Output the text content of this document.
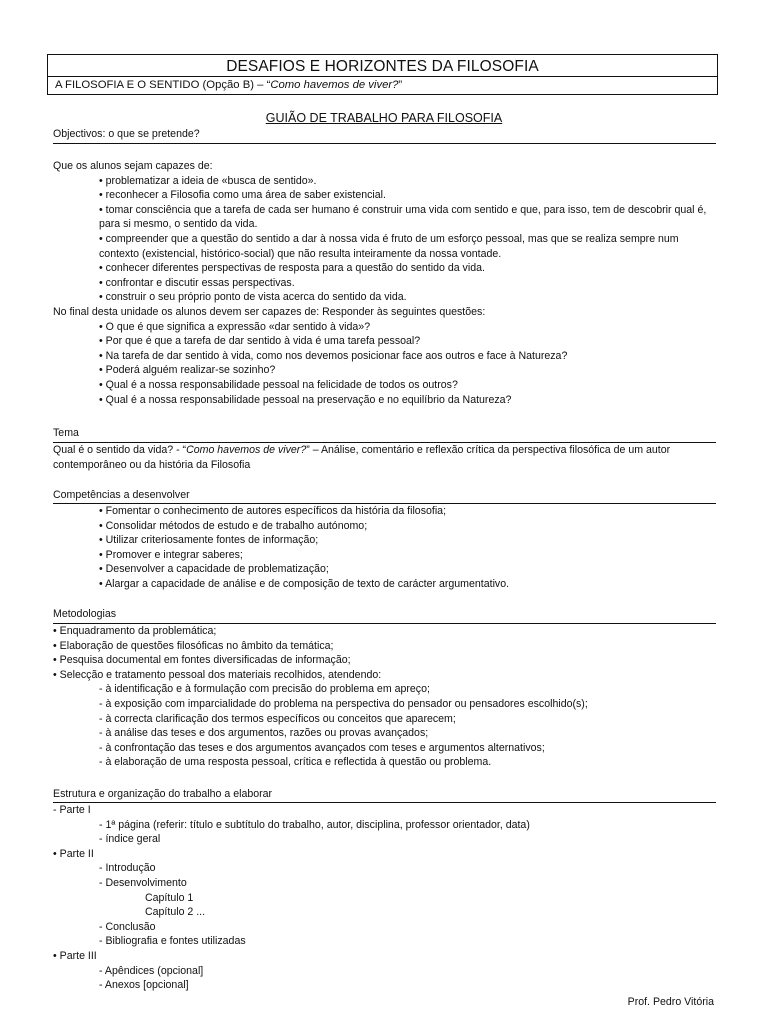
DESAFIOS E HORIZONTES DA FILOSOFIA
A FILOSOFIA E O SENTIDO (Opção B) – “Como havemos de viver?”
GUIÃO DE TRABALHO PARA FILOSOFIA
Objectivos: o que se pretende?
Que os alunos sejam capazes de:
• problematizar a ideia de «busca de sentido».
• reconhecer a Filosofia como uma área de saber existencial.
• tomar consciência que a tarefa de cada ser humano é construir uma vida com sentido e que, para isso, tem de descobrir qual é,
para si mesmo, o sentido da vida.
• compreender que a questão do sentido a dar à nossa vida é fruto de um esforço pessoal, mas que se realiza sempre num
contexto (existencial, histórico-social) que não resulta inteiramente da nossa vontade.
• conhecer diferentes perspectivas de resposta para a questão do sentido da vida.
• confrontar e discutir essas perspectivas.
• construir o seu próprio ponto de vista acerca do sentido da vida.
No final desta unidade os alunos devem ser capazes de: Responder às seguintes questões:
• O que é que significa a expressão «dar sentido à vida»?
• Por que é que a tarefa de dar sentido à vida é uma tarefa pessoal?
• Na tarefa de dar sentido à vida, como nos devemos posicionar face aos outros e face à Natureza?
• Poderá alguém realizar-se sozinho?
• Qual é a nossa responsabilidade pessoal na felicidade de todos os outros?
• Qual é a nossa responsabilidade pessoal na preservação e no equilíbrio da Natureza?
Tema
Qual é o sentido da vida? - “Como havemos de viver?” – Análise, comentário e reflexão crítica da perspectiva filosófica de um autor
contemporâneo ou da história da Filosofia
Competências a desenvolver
• Fomentar o conhecimento de autores específicos da história da filosofia;
• Consolidar métodos de estudo e de trabalho autónomo;
• Utilizar criteriosamente fontes de informação;
• Promover e integrar saberes;
• Desenvolver a capacidade de problematização;
• Alargar a capacidade de análise e de composição de texto de carácter argumentativo.
Metodologias
• Enquadramento da problemática;
• Elaboração de questões filosóficas no âmbito da temática;
• Pesquisa documental em fontes diversificadas de informação;
• Selecção e tratamento pessoal dos materiais recolhidos, atendendo:
- à identificação e à formulação com precisão do problema em apreço;
- à exposição com imparcialidade do problema na perspectiva do pensador ou pensadores escolhido(s);
- à correcta clarificação dos termos específicos ou conceitos que aparecem;
- à análise das teses e dos argumentos, razões ou provas avançados;
- à confrontação das teses e dos argumentos avançados com teses e argumentos alternativos;
- à elaboração de uma resposta pessoal, crítica e reflectida à questão ou problema.
Estrutura e organização do trabalho a elaborar
- Parte I
- 1ª página (referir: título e subtítulo do trabalho, autor, disciplina, professor orientador, data)
- índice geral
• Parte II
- Introdução
- Desenvolvimento
Capítulo 1
Capítulo 2 ...
- Conclusão
- Bibliografia e fontes utilizadas
• Parte III
- Apêndices (opcional]
- Anexos [opcional]
Prof. Pedro Vitória
